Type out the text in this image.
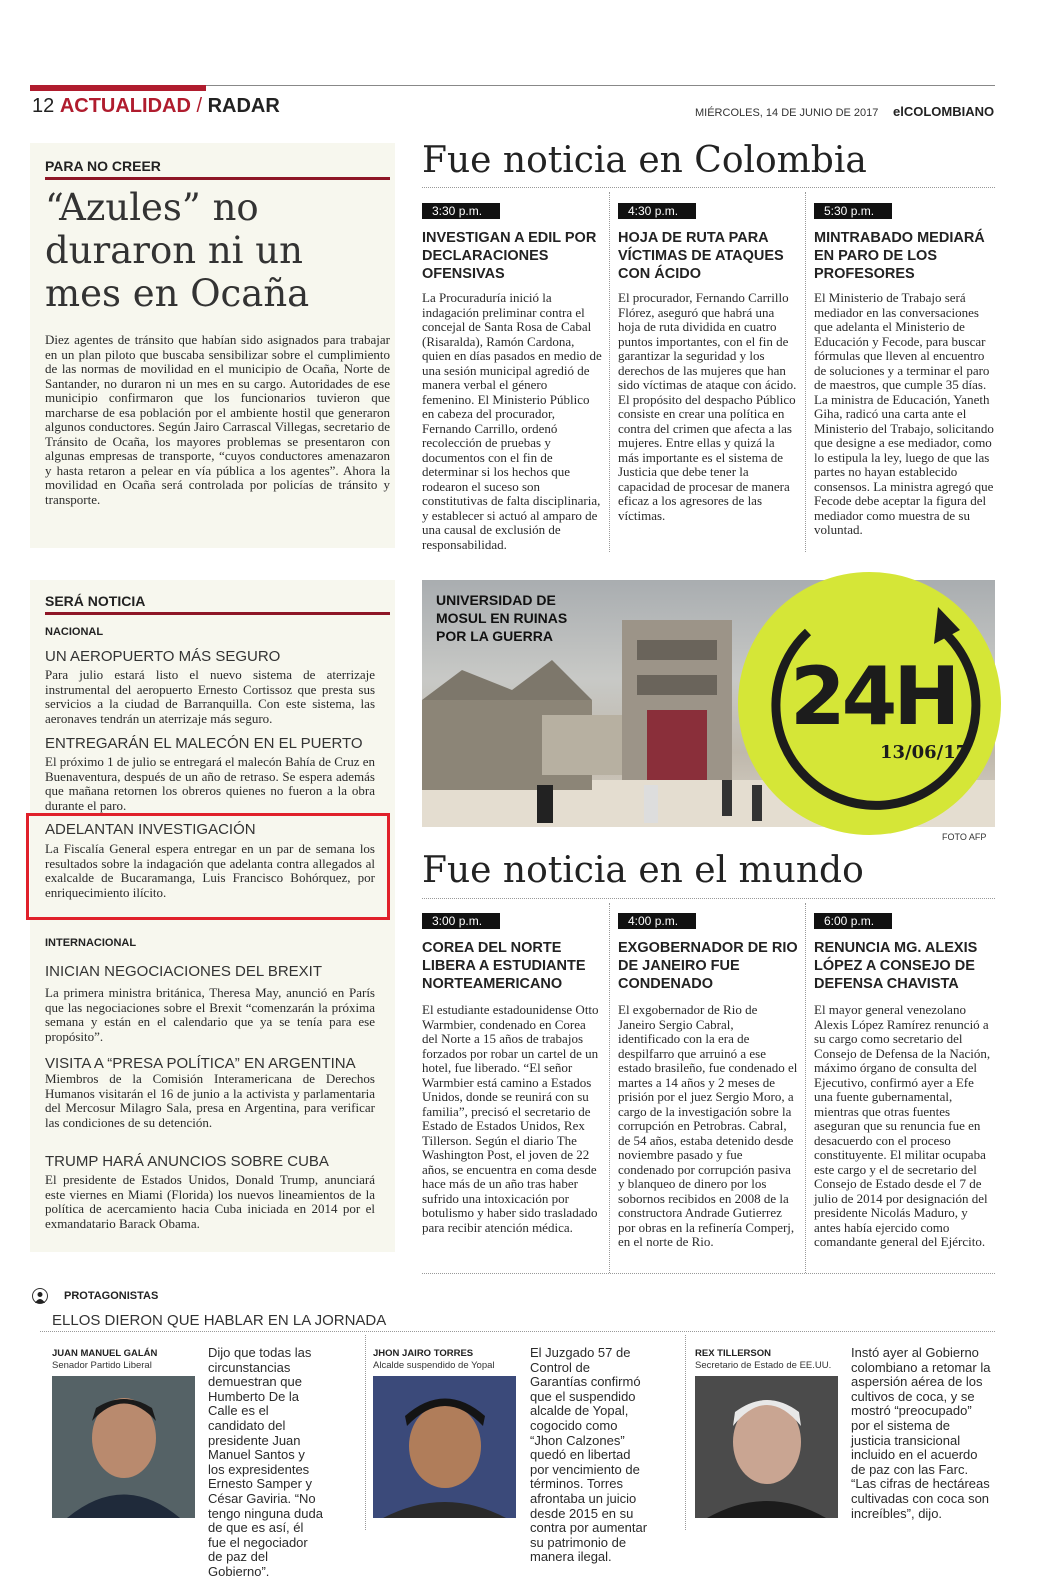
12 ACTUALIDAD / RADAR	MIÉRCOLES, 14 DE JUNIO DE 2017 elCOLOMBIANO
PARA NO CREER
“Azules” no duraron ni un mes en Ocaña
Diez agentes de tránsito que habían sido asignados para trabajar en un plan piloto que buscaba sensibilizar sobre el cumplimiento de las normas de movilidad en el municipio de Ocaña, Norte de Santander, no duraron ni un mes en su cargo. Autoridades de ese municipio confirmaron que los funcionarios tuvieron que marcharse de esa población por el ambiente hostil que generaron algunos conductores. Según Jairo Carrascal Villegas, secretario de Tránsito de Ocaña, los mayores problemas se presentaron con algunas empresas de transporte, “cuyos conductores amenazaron y hasta retaron a pelear en vía pública a los agentes”. Ahora la movilidad en Ocaña será controlada por policías de tránsito y transporte.
SERÁ NOTICIA
NACIONAL
UN AEROPUERTO MÁS SEGURO
Para julio estará listo el nuevo sistema de aterrizaje instrumental del aeropuerto Ernesto Cortissoz que presta sus servicios a la ciudad de Barranquilla. Con este sistema, las aeronaves tendrán un aterrizaje más seguro.
ENTREGARÁN EL MALECÓN EN EL PUERTO
El próximo 1 de julio se entregará el malecón Bahía de Cruz en Buenaventura, después de un año de retraso. Se espera además que mañana retornen los obreros quienes no fueron a la obra durante el paro.
ADELANTAN INVESTIGACIÓN
La Fiscalía General espera entregar en un par de semana los resultados sobre la indagación que adelanta contra allegados al exalcalde de Bucaramanga, Luis Francisco Bohórquez, por enriquecimiento ilícito.
INTERNACIONAL
INICIAN NEGOCIACIONES DEL BREXIT
La primera ministra británica, Theresa May, anunció en París que las negociaciones sobre el Brexit “comenzarán la próxima semana y están en el calendario que ya se tenía para ese propósito”.
VISITA A “PRESA POLÍTICA” EN ARGENTINA
Miembros de la Comisión Interamericana de Derechos Humanos visitarán el 16 de junio a la activista y parlamentaria del Mercosur Milagro Sala, presa en Argentina, para verificar las condiciones de su detención.
TRUMP HARÁ ANUNCIOS SOBRE CUBA
El presidente de Estados Unidos, Donald Trump, anunciará este viernes en Miami (Florida) los nuevos lineamientos de la política de acercamiento hacia Cuba iniciada en 2014 por el exmandatario Barack Obama.
Fue noticia en Colombia
3:30 p.m.
INVESTIGAN A EDIL POR DECLARACIONES OFENSIVAS
La Procuraduría inició la indagación preliminar contra el concejal de Santa Rosa de Cabal (Risaralda), Ramón Cardona, quien en días pasados en medio de una sesión municipal agredió de manera verbal el género femenino. El Ministerio Público en cabeza del procurador, Fernando Carrillo, ordenó recolección de pruebas y documentos con el fin de determinar si los hechos que rodearon el suceso son constitutivas de falta disciplinaria, y establecer si actuó al amparo de una causal de exclusión de responsabilidad.
4:30 p.m.
HOJA DE RUTA PARA VÍCTIMAS DE ATAQUES CON ÁCIDO
El procurador, Fernando Carrillo Flórez, aseguró que habrá una hoja de ruta dividida en cuatro puntos importantes, con el fin de garantizar la seguridad y los derechos de las mujeres que han sido víctimas de ataque con ácido. El propósito del despacho Público consiste en crear una política en contra del crimen que afecta a las mujeres. Entre ellas y quizá la más importante es el sistema de Justicia que debe tener la capacidad de procesar de manera eficaz a los agresores de las víctimas.
5:30 p.m.
MINTRABADO MEDIARÁ EN PARO DE LOS PROFESORES
El Ministerio de Trabajo será mediador en las conversaciones que adelanta el Ministerio de Educación y Fecode, para buscar fórmulas que lleven al encuentro de soluciones y a terminar el paro de maestros, que cumple 35 días. La ministra de Educación, Yaneth Giha, radicó una carta ante el Ministerio del Trabajo, solicitando que designe a ese mediador, como lo estipula la ley, luego de que las partes no hayan establecido consensos. La ministra agregó que Fecode debe aceptar la figura del mediador como muestra de su voluntad.
UNIVERSIDAD DE MOSUL EN RUINAS POR LA GUERRA
24H
13/06/17
FOTO AFP
Fue noticia en el mundo
3:00 p.m.
COREA DEL NORTE LIBERA A ESTUDIANTE NORTEAMERICANO
El estudiante estadounidense Otto Warmbier, condenado en Corea del Norte a 15 años de trabajos forzados por robar un cartel de un hotel, fue liberado. “El señor Warmbier está camino a Estados Unidos, donde se reunirá con su familia”, precisó el secretario de Estado de Estados Unidos, Rex Tillerson. Según el diario The Washington Post, el joven de 22 años, se encuentra en coma desde hace más de un año tras haber sufrido una intoxicación por botulismo y haber sido trasladado para recibir atención médica.
4:00 p.m.
EXGOBERNADOR DE RIO DE JANEIRO FUE CONDENADO
El exgobernador de Rio de Janeiro Sergio Cabral, identificado con la era de despilfarro que arruinó a ese estado brasileño, fue condenado el martes a 14 años y 2 meses de prisión por el juez Sergio Moro, a cargo de la investigación sobre la corrupción en Petrobras. Cabral, de 54 años, estaba detenido desde noviembre pasado y fue condenado por corrupción pasiva y blanqueo de dinero por los sobornos recibidos en 2008 de la constructora Andrade Gutierrez por obras en la refinería Comperj, en el norte de Rio.
6:00 p.m.
RENUNCIA MG. ALEXIS LÓPEZ A CONSEJO DE DEFENSA CHAVISTA
El mayor general venezolano Alexis López Ramírez renunció a su cargo como secretario del Consejo de Defensa de la Nación, máximo órgano de consulta del Ejecutivo, confirmó ayer a Efe una fuente gubernamental, mientras que otras fuentes aseguran que su renuncia fue en desacuerdo con el proceso constituyente. El militar ocupaba este cargo y el de secretario del Consejo de Estado desde el 7 de julio de 2014 por designación del presidente Nicolás Maduro, y antes había ejercido como comandante general del Ejército.
PROTAGONISTAS
ELLOS DIERON QUE HABLAR EN LA JORNADA
JUAN MANUEL GALÁN
Senador Partido Liberal
Dijo que todas las circunstancias demuestran que Humberto De la Calle es el candidato del presidente Juan Manuel Santos y los expresidentes Ernesto Samper y César Gaviria. “No tengo ninguna duda de que es así, él fue el negociador de paz del Gobierno”.
JHON JAIRO TORRES
Alcalde suspendido de Yopal
El Juzgado 57 de Control de Garantías confirmó que el suspendido alcalde de Yopal, cogocido como “Jhon Calzones” quedó en libertad por vencimiento de términos. Torres afrontaba un juicio desde 2015 en su contra por aumentar su patrimonio de manera ilegal.
REX TILLERSON
Secretario de Estado de EE.UU.
Instó ayer al Gobierno colombiano a retomar la aspersión aérea de los cultivos de coca, y se mostró “preocupado” por el sistema de justicia transicional incluido en el acuerdo de paz con las Farc. “Las cifras de hectáreas cultivadas con coca son increíbles”, dijo.
